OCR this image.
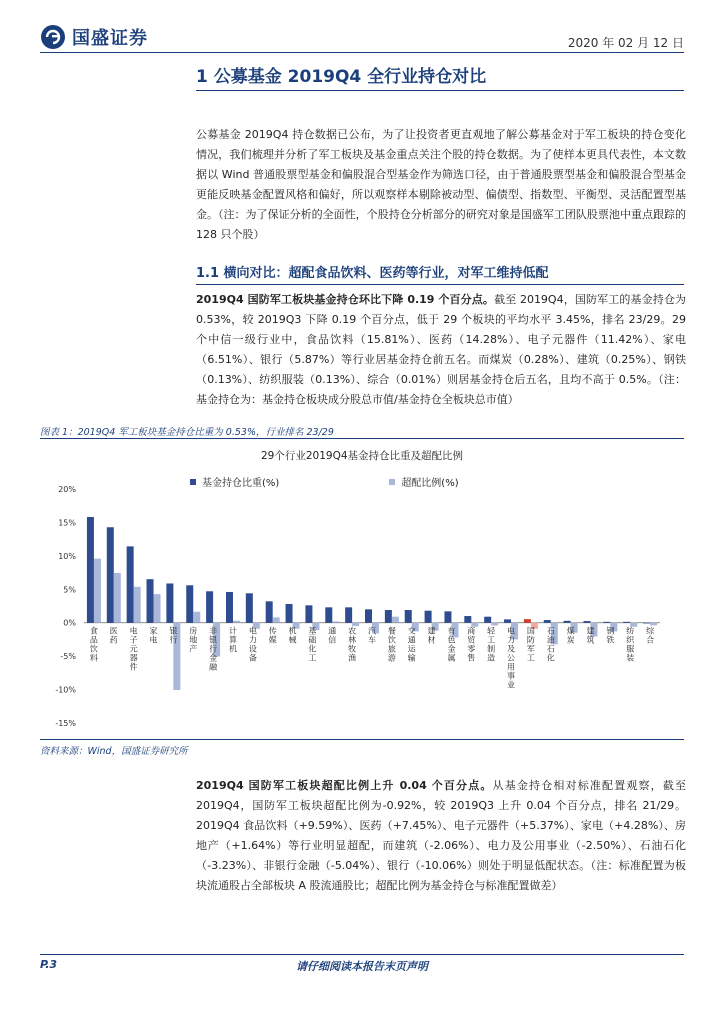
国盛证券	2020 年 02 月 12 日
1 公募基金 2019Q4 全行业持仓对比
公募基金 2019Q4 持仓数据已公布，为了让投资者更直观地了解公募基金对于军工板块的持仓变化情况，我们梳理并分析了军工板块及基金重点关注个股的持仓数据。为了使样本更具代表性，本文数据以 Wind 普通股票型基金和偏股混合型基金作为筛选口径，由于普通股票型基金和偏股混合型基金更能反映基金配置风格和偏好，所以观察样本剔除被动型、偏债型、指数型、平衡型、灵活配置型基金。（注：为了保证分析的全面性，个股持仓分析部分的研究对象是国盛军工团队股票池中重点跟踪的 128 只个股）
1.1 横向对比：超配食品饮料、医药等行业，对军工维持低配
2019Q4 国防军工板块基金持仓环比下降 0.19 个百分点。截至 2019Q4，国防军工的基金持仓为 0.53%，较 2019Q3 下降 0.19 个百分点，低于 29 个板块的平均水平 3.45%，排名 23/29。29 个中信一级行业中，食品饮料（15.81%）、医药（14.28%）、电子元器件（11.42%）、家电（6.51%）、银行（5.87%）等行业居基金持仓前五名。而煤炭（0.28%）、建筑（0.25%）、钢铁（0.13%）、纺织服装（0.13%）、综合（0.01%）则居基金持仓后五名，且均不高于 0.5%。（注：基金持仓为：基金持仓板块成分股总市值/基金持仓全板块总市值）
图表 1：2019Q4 军工板块基金持仓比重为 0.53%，行业排名 23/29
29个行业2019Q4基金持仓比重及超配比例
基金持仓比重(%)	超配比例(%)
-15%
-10%
-5%
0%
5%
10%
15%
20%
食品饮料
医药
电子元器件
家电
银行
房地产
非银行金融
计算机
电力设备
传媒
机械
基础化工
通信
农林牧渔
汽车
餐饮旅游
交通运输
建材
有色金属
商贸零售
轻工制造
电力及公用事业
国防军工
石油石化
煤炭
建筑
钢铁
纺织服装
综合
资料来源：Wind，国盛证券研究所
2019Q4 国防军工板块超配比例上升 0.04 个百分点。从基金持仓相对标准配置观察，截至 2019Q4，国防军工板块超配比例为-0.92%，较 2019Q3 上升 0.04 个百分点，排名 21/29。2019Q4 食品饮料（+9.59%）、医药（+7.45%）、电子元器件（+5.37%）、家电（+4.28%）、房地产（+1.64%）等行业明显超配，而建筑（-2.06%）、电力及公用事业（-2.50%）、石油石化（-3.23%）、非银行金融（-5.04%）、银行（-10.06%）则处于明显低配状态。（注：标准配置为板块流通股占全部板块 A 股流通股比；超配比例为基金持仓与标准配置做差）
P.3	请仔细阅读本报告末页声明
